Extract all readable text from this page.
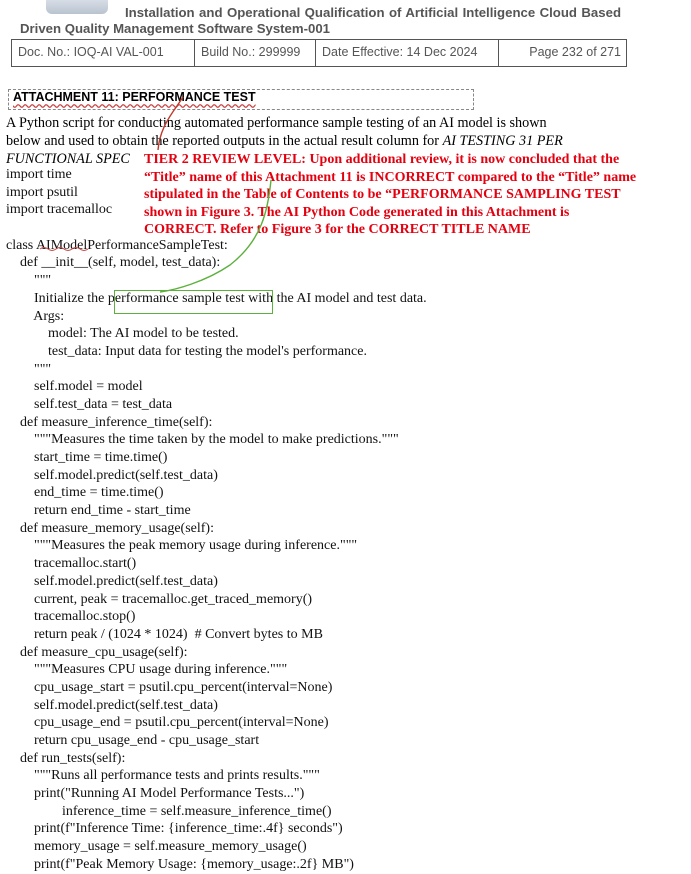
Installation and Operational Qualification of Artificial Intelligence Cloud Based
Driven Quality Management Software System-001
Doc. No.: IOQ-AI VAL-001	Build No.: 299999	Date Effective: 14 Dec 2024	Page 232 of 271
ATTACHMENT 11: PERFORMANCE TEST
A Python script for conducting automated performance sample testing of an AI model is shown
below and used to obtain the reported outputs in the actual result column for AI TESTING 31 PER
FUNCTIONAL SPEC
import time
import psutil
import tracemalloc
class AIModelPerformanceSampleTest:
def __init__(self, model, test_data):
"""
Initialize the performance sample test with the AI model and test data.
Args:
model: The AI model to be tested.
test_data: Input data for testing the model's performance.
"""
self.model = model
self.test_data = test_data
def measure_inference_time(self):
"""Measures the time taken by the model to make predictions."""
start_time = time.time()
self.model.predict(self.test_data)
end_time = time.time()
return end_time - start_time
def measure_memory_usage(self):
"""Measures the peak memory usage during inference."""
tracemalloc.start()
self.model.predict(self.test_data)
current, peak = tracemalloc.get_traced_memory()
tracemalloc.stop()
return peak / (1024 * 1024)  # Convert bytes to MB
def measure_cpu_usage(self):
"""Measures CPU usage during inference."""
cpu_usage_start = psutil.cpu_percent(interval=None)
self.model.predict(self.test_data)
cpu_usage_end = psutil.cpu_percent(interval=None)
return cpu_usage_end - cpu_usage_start
def run_tests(self):
"""Runs all performance tests and prints results."""
print("Running AI Model Performance Tests...")
inference_time = self.measure_inference_time()
print(f"Inference Time: {inference_time:.4f} seconds")
memory_usage = self.measure_memory_usage()
print(f"Peak Memory Usage: {memory_usage:.2f} MB")
TIER 2 REVIEW LEVEL: Upon additional review, it is now concluded that the
“Title” name of this Attachment 11 is INCORRECT compared to the “Title” name
stipulated in the Table of Contents to be “PERFORMANCE SAMPLING TEST
shown in Figure 3. The AI Python Code generated in this Attachment is
CORRECT. Refer to Figure 3 for the CORRECT TITLE NAME
